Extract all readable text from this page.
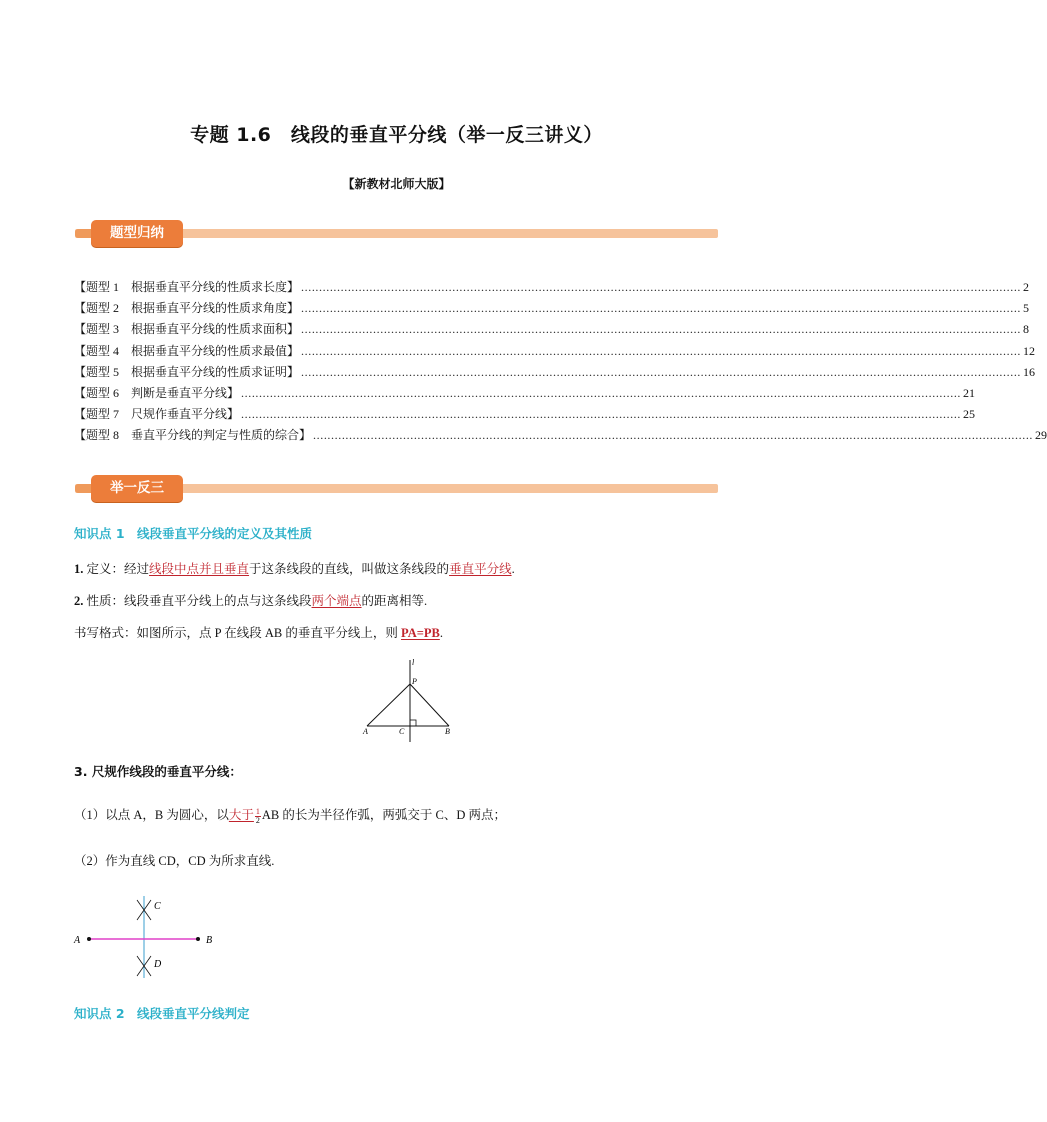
专题 1.6　线段的垂直平分线（举一反三讲义）
【新教材北师大版】
题型归纳
【题型 1　根据垂直平分线的性质求长度】 ........................................................................................................................................................................................................ 2
【题型 2　根据垂直平分线的性质求角度】 ........................................................................................................................................................................................................ 5
【题型 3　根据垂直平分线的性质求面积】 ........................................................................................................................................................................................................ 8
【题型 4　根据垂直平分线的性质求最值】 ........................................................................................................................................................................................................ 12
【题型 5　根据垂直平分线的性质求证明】 ........................................................................................................................................................................................................ 16
【题型 6　判断是垂直平分线】 ........................................................................................................................................................................................................ 21
【题型 7　尺规作垂直平分线】 ........................................................................................................................................................................................................ 25
【题型 8　垂直平分线的判定与性质的综合】 ........................................................................................................................................................................................................ 29
举一反三
知识点 1　线段垂直平分线的定义及其性质
1. 定义：经过线段中点并且垂直于这条线段的直线，叫做这条线段的垂直平分线.
2. 性质：线段垂直平分线上的点与这条线段两个端点的距离相等.
书写格式：如图所示，点 P 在线段 AB 的垂直平分线上，则 PA=PB.
l
P
A	C	B
3. 尺规作线段的垂直平分线：
（1）以点 A，B 为圆心，以大于 $\frac{1}{2}$ AB 的长为半径作弧，两弧交于 C、D 两点；
（2）作为直线 CD，CD 为所求直线.
C
A	B
D
知识点 2　线段垂直平分线判定
